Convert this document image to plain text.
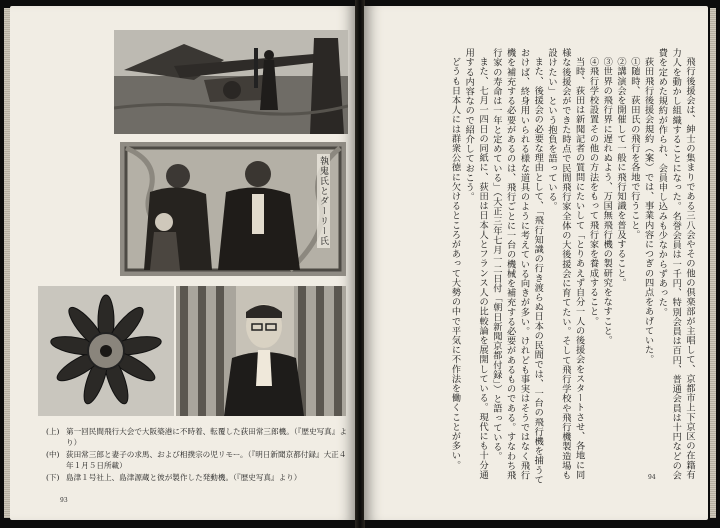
執鬼氏とダーリー氏
(上) 第一回民間飛行大会で大阪築港に不時着、転覆した荻田常三郎機。（『歴史写真』より）
(中) 荻田常三郎と妻子の求馬、および相撲宗の児リモー。（『明日新聞京都付録』大正４年１月５日所載）
(下) 島津１号社上、島津源蔵と彼が製作した発動機。（『歴史写真』より）
93

飛行後援会は、紳士の集まりである三八会やその他の倶楽部が主唱して、京都市上下京区の在籍有力人を動かし組織することになった。名誉会員は一千円、特別会員は百円、普通会員は十円などの会費を定めた規約が作られ、会員申し込みも少なからずあった。

荻田飛行後援会規約（案）では、事業内容につぎの四点をあげていた。

①随時、荻田氏の飛行を各地で行うこと。

②講演会を開催して一般に飛行知識を普及すること。

③世界の飛行界に遅れぬよう、万国無飛行機の製研究をなすこと。

④飛行学校設置その他の方法をもって飛行家を養成すること。

当時、荻田は新聞記者の質問にたいして「とりあえず自分一人の後援会をスタートさせ、各地に同様な後援会ができた時点で民間飛行家全体の大後援会に育てたい。そして飛行学校や飛行機製造場も設けたい」という抱負を語っている。

また、後援会の必要な理由として、「飛行知識の行き渡らぬ日本の民間では、一台の飛行機を捕うておけば、終身用いられる様な道具のように考えている向きが多い。けれども事実はそうではなく飛行機を補充する必要があるのは、飛行ごとに一台の機械を補充する必要があるものである。すなわち飛行家の寿命は一年と定めている」（大正三年七月一二日付「朝日新聞京都付録」）と語っている。

また、七月一四日の同紙に、荻田は日本人とフランス人の比較論を展開している。現代にも十分通用する内容なので紹介しておこう。

どうも日本人には群衆公徳に欠けるところがあって大勢の中で平気に不作法を働くことが多い。

94
